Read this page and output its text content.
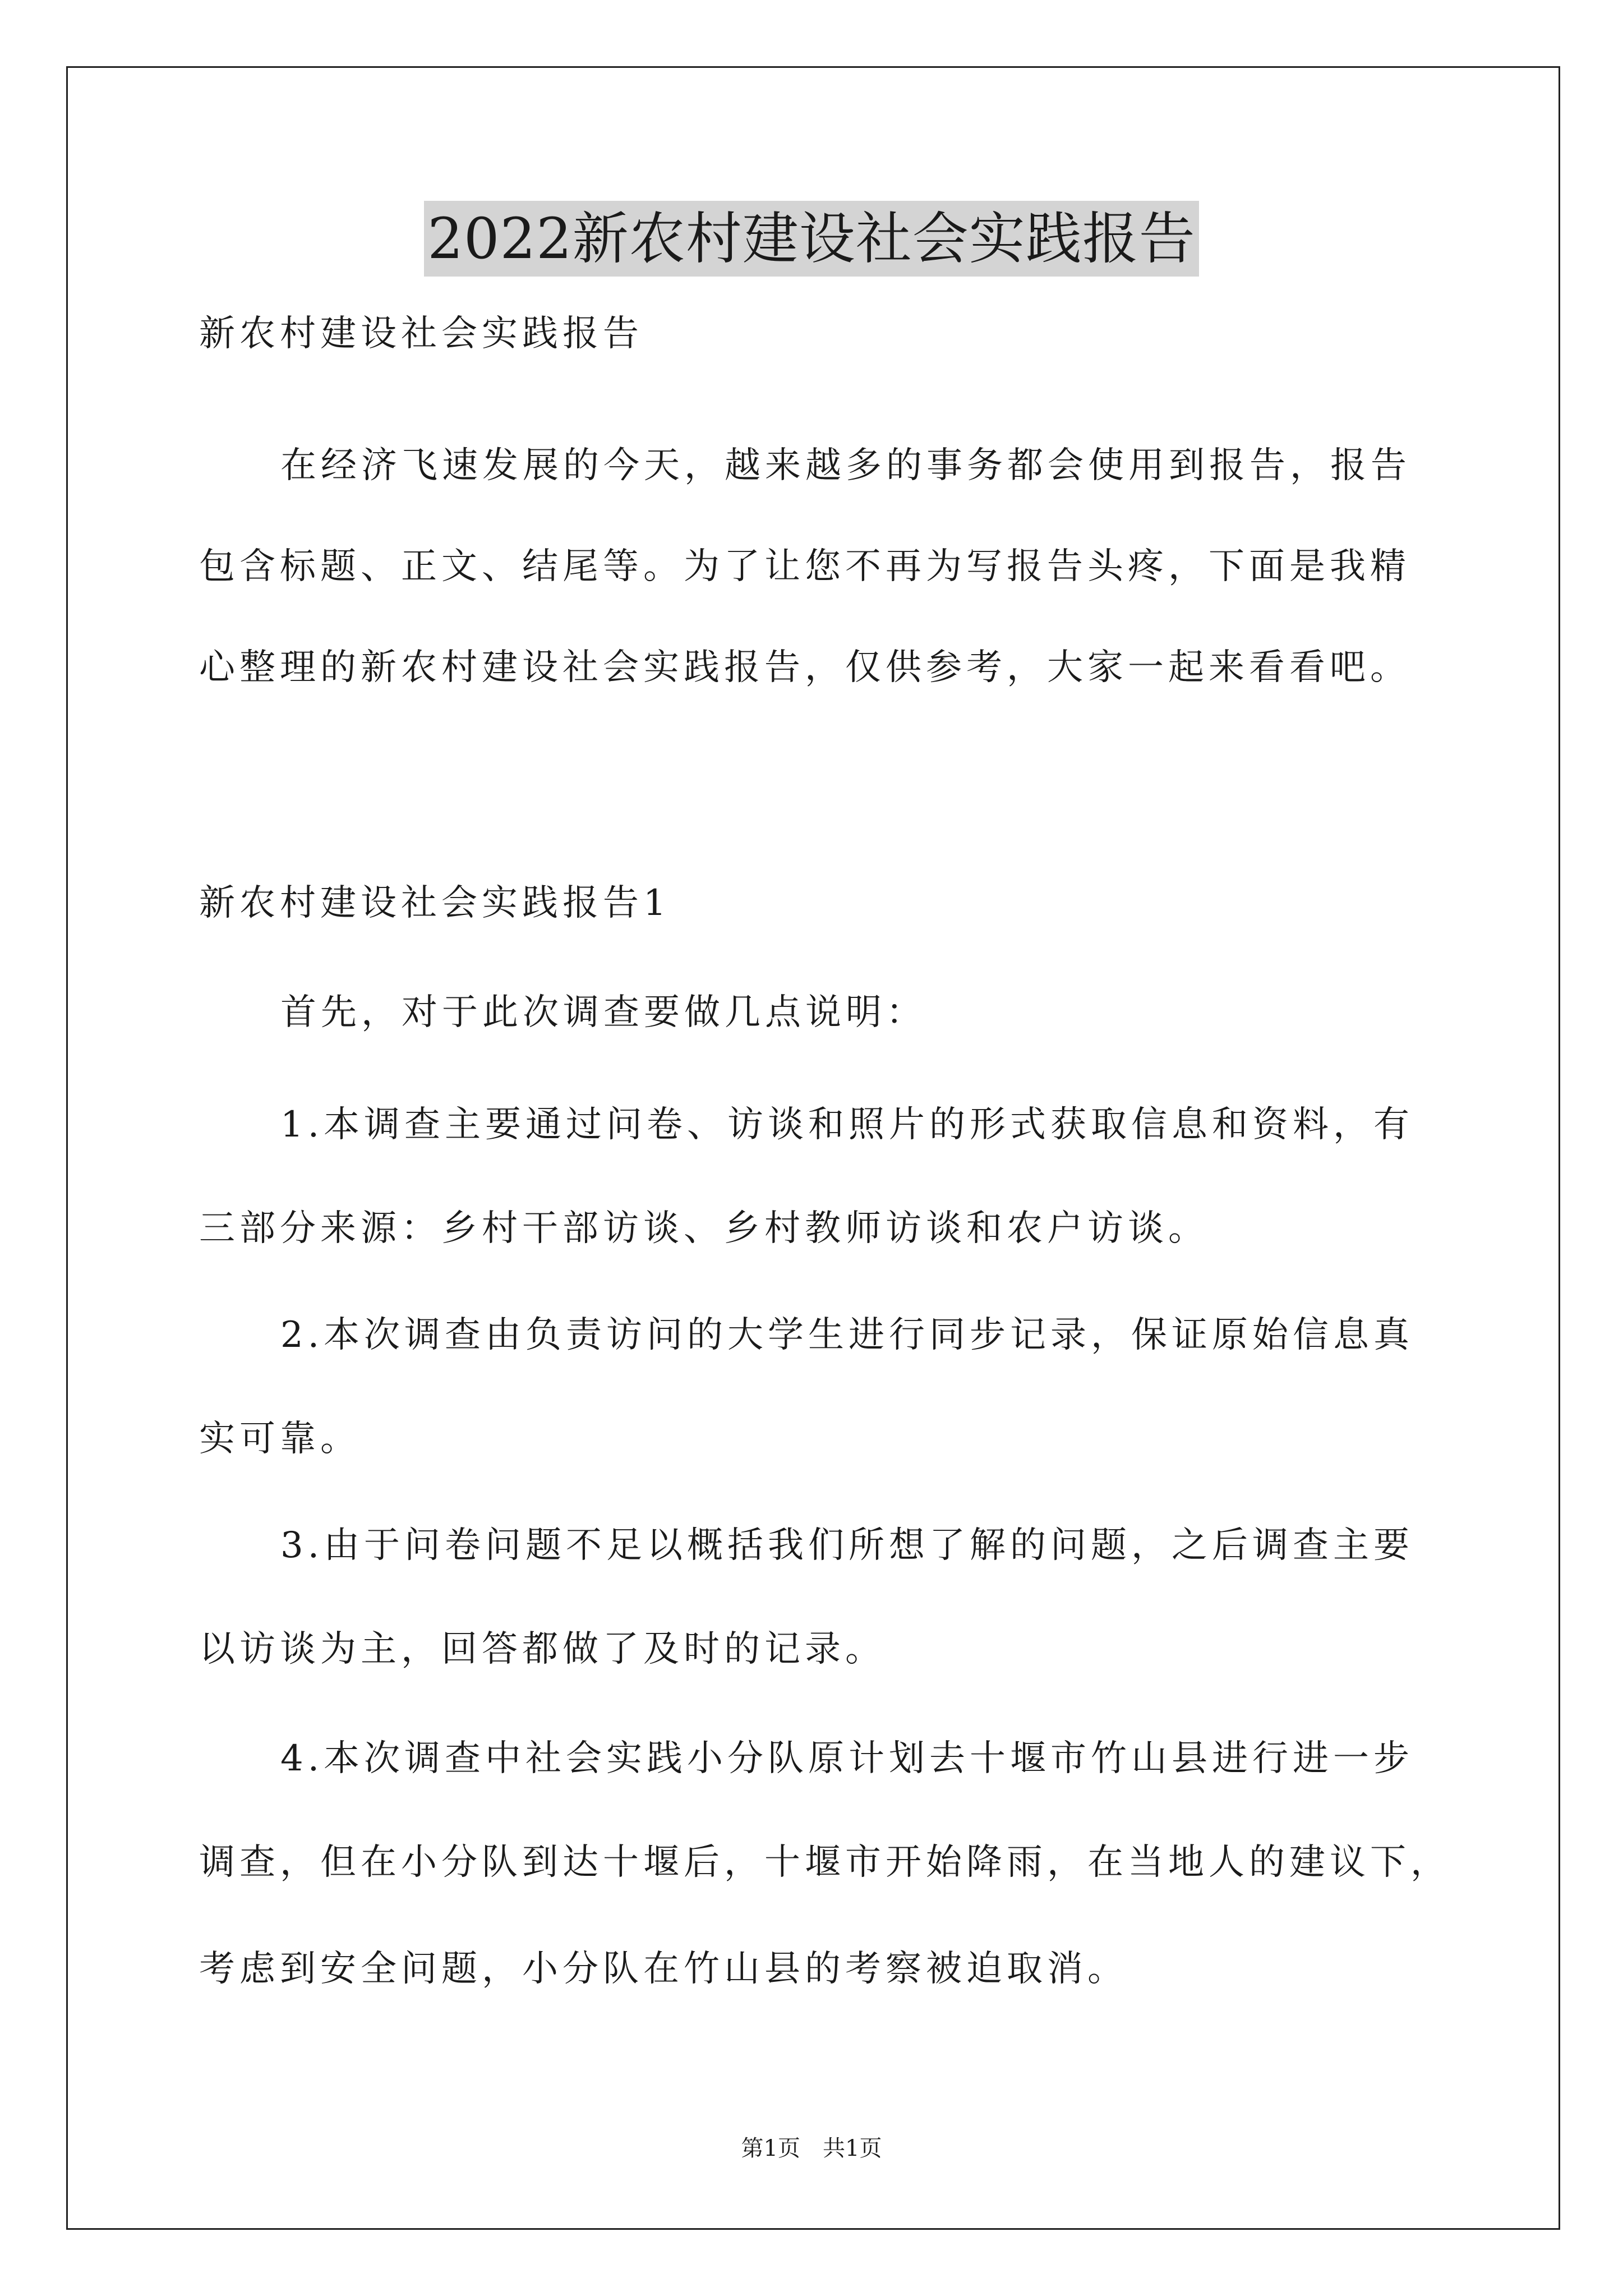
2022新农村建设社会实践报告
新农村建设社会实践报告
在经济飞速发展的今天，越来越多的事务都会使用到报告，报告
包含标题、正文、结尾等。为了让您不再为写报告头疼，下面是我精
心整理的新农村建设社会实践报告，仅供参考，大家一起来看看吧。
新农村建设社会实践报告1
首先，对于此次调查要做几点说明：
1.本调查主要通过问卷、访谈和照片的形式获取信息和资料，有
三部分来源：乡村干部访谈、乡村教师访谈和农户访谈。
2.本次调查由负责访问的大学生进行同步记录，保证原始信息真
实可靠。
3.由于问卷问题不足以概括我们所想了解的问题，之后调查主要
以访谈为主，回答都做了及时的记录。
4.本次调查中社会实践小分队原计划去十堰市竹山县进行进一步
调查，但在小分队到达十堰后，十堰市开始降雨，在当地人的建议下，
考虑到安全问题，小分队在竹山县的考察被迫取消。
第1页　共1页
